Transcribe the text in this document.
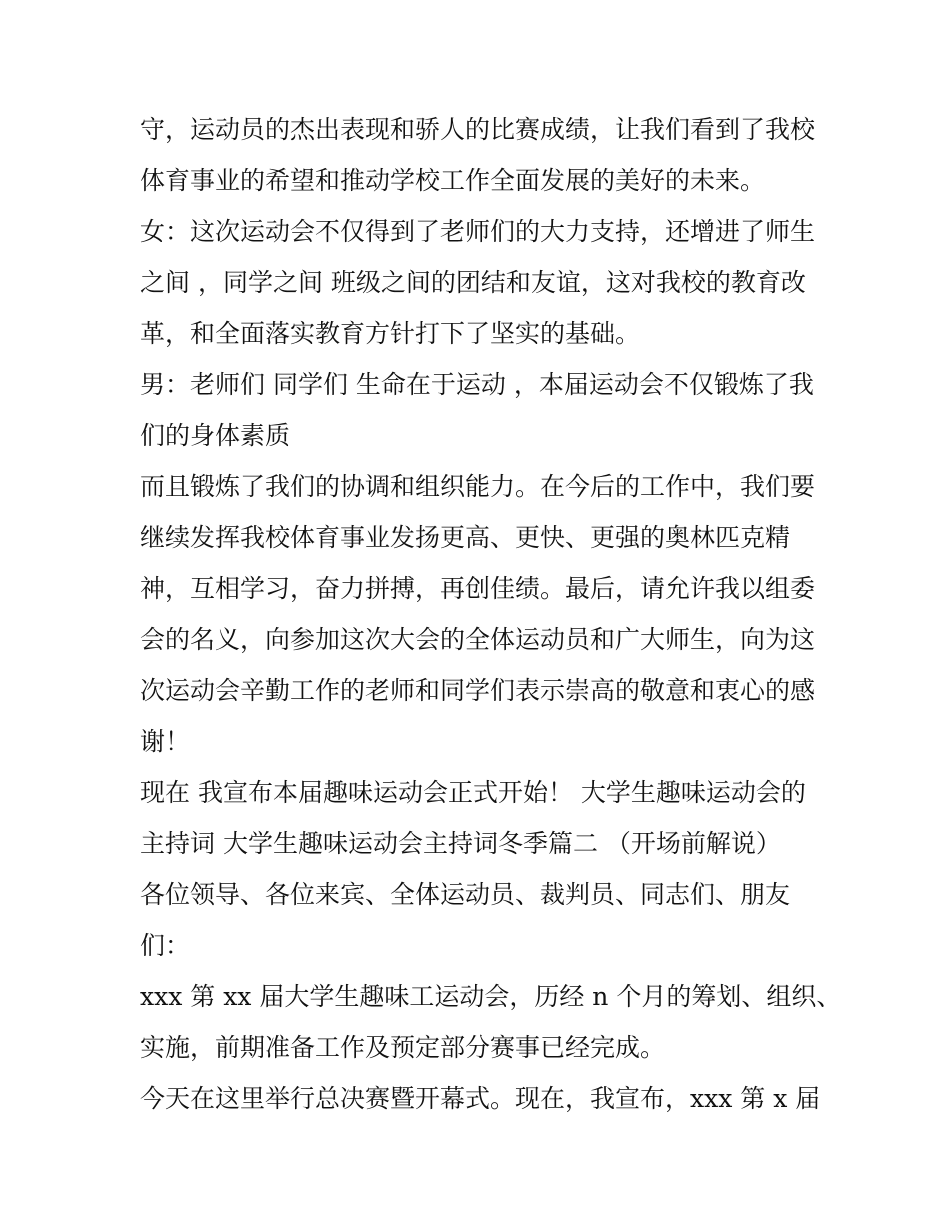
守，运动员的杰出表现和骄人的比赛成绩，让我们看到了我校
体育事业的希望和推动学校工作全面发展的美好的未来。
女：这次运动会不仅得到了老师们的大力支持，还增进了师生
之间 ，同学之间 班级之间的团结和友谊，这对我校的教育改
革，和全面落实教育方针打下了坚实的基础。
男：老师们 同学们 生命在于运动 ，本届运动会不仅锻炼了我
们的身体素质
而且锻炼了我们的协调和组织能力。在今后的工作中，我们要
继续发挥我校体育事业发扬更高、更快、更强的奥林匹克精
神，互相学习，奋力拼搏，再创佳绩。最后，请允许我以组委
会的名义，向参加这次大会的全体运动员和广大师生，向为这
次运动会辛勤工作的老师和同学们表示崇高的敬意和衷心的感
谢！
现在 我宣布本届趣味运动会正式开始！ 大学生趣味运动会的
主持词 大学生趣味运动会主持词冬季篇二 （开场前解说）
各位领导、各位来宾、全体运动员、裁判员、同志们、朋友
们：
xxx 第 xx 届大学生趣味工运动会，历经 n 个月的筹划、组织、
实施，前期准备工作及预定部分赛事已经完成。
今天在这里举行总决赛暨开幕式。现在，我宣布，xxx 第 x 届
